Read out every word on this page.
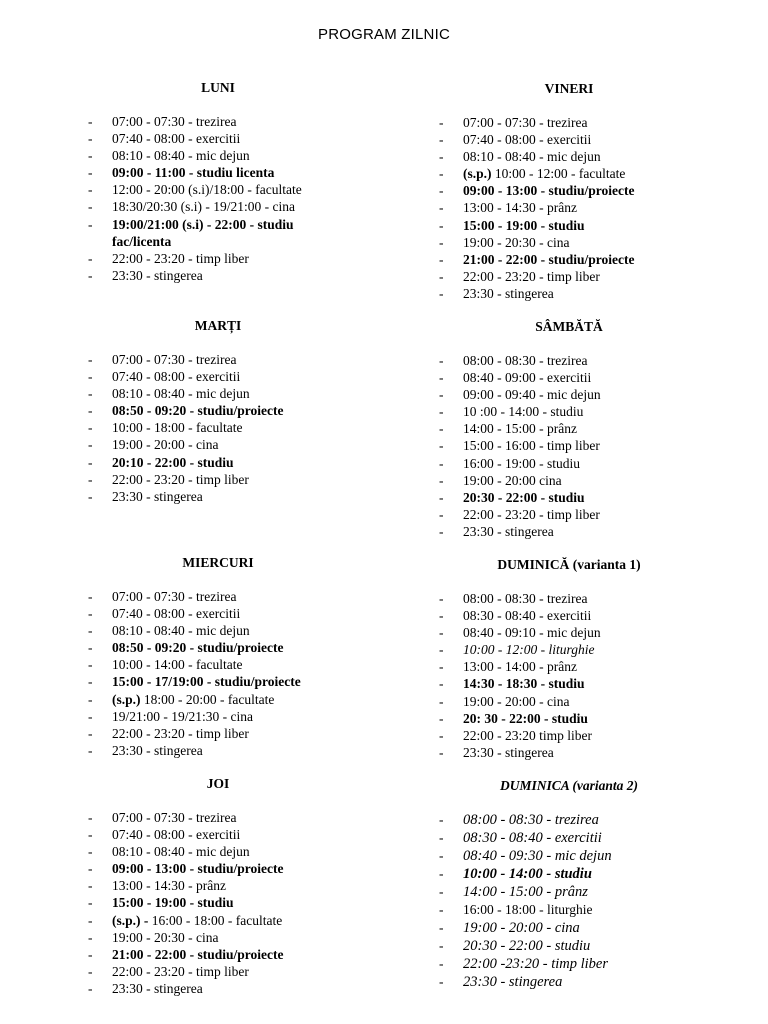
PROGRAM ZILNIC
LUNI
- 07:00 - 07:30 - trezirea
- 07:40 - 08:00 - exercitii
- 08:10 - 08:40 - mic dejun
- 09:00 - 11:00 - studiu licenta
- 12:00 - 20:00 (s.i)/18:00 - facultate
- 18:30/20:30 (s.i) - 19/21:00 - cina
- 19:00/21:00 (s.i) - 22:00 - studiu fac/licenta
- 22:00 - 23:20 - timp liber
- 23:30 - stingerea
MARȚI
- 07:00 - 07:30 - trezirea
- 07:40 - 08:00 - exercitii
- 08:10 - 08:40 - mic dejun
- 08:50 - 09:20 - studiu/proiecte
- 10:00 - 18:00 - facultate
- 19:00 - 20:00 - cina
- 20:10 - 22:00 - studiu
- 22:00 - 23:20 - timp liber
- 23:30 - stingerea
MIERCURI
- 07:00 - 07:30 - trezirea
- 07:40 - 08:00 - exercitii
- 08:10 - 08:40 - mic dejun
- 08:50 - 09:20 - studiu/proiecte
- 10:00 - 14:00 - facultate
- 15:00 - 17/19:00 - studiu/proiecte
- (s.p.) 18:00 - 20:00 - facultate
- 19/21:00 - 19/21:30 - cina
- 22:00 - 23:20 - timp liber
- 23:30 - stingerea
JOI
- 07:00 - 07:30 - trezirea
- 07:40 - 08:00 - exercitii
- 08:10 - 08:40 - mic dejun
- 09:00 - 13:00 - studiu/proiecte
- 13:00 - 14:30 - prânz
- 15:00 - 19:00 - studiu
- (s.p.) - 16:00 - 18:00 - facultate
- 19:00 - 20:30 - cina
- 21:00 - 22:00 - studiu/proiecte
- 22:00 - 23:20 - timp liber
- 23:30 - stingerea
VINERI
- 07:00 - 07:30 - trezirea
- 07:40 - 08:00 - exercitii
- 08:10 - 08:40 - mic dejun
- (s.p.) 10:00 - 12:00 - facultate
- 09:00 - 13:00 - studiu/proiecte
- 13:00 - 14:30 - prânz
- 15:00 - 19:00 - studiu
- 19:00 - 20:30 - cina
- 21:00 - 22:00 - studiu/proiecte
- 22:00 - 23:20 - timp liber
- 23:30 - stingerea
SÂMBĂTĂ
- 08:00 - 08:30 - trezirea
- 08:40 - 09:00 - exercitii
- 09:00 - 09:40 - mic dejun
- 10 :00 - 14:00 - studiu
- 14:00 - 15:00 - prânz
- 15:00 - 16:00 - timp liber
- 16:00 - 19:00 - studiu
- 19:00 - 20:00 cina
- 20:30 - 22:00 - studiu
- 22:00 - 23:20 - timp liber
- 23:30 - stingerea
DUMINICĂ (varianta 1)
- 08:00 - 08:30 - trezirea
- 08:30 - 08:40 - exercitii
- 08:40 - 09:10 - mic dejun
- 10:00 - 12:00 - liturghie
- 13:00 - 14:00 - prânz
- 14:30 - 18:30 - studiu
- 19:00 - 20:00 - cina
- 20: 30 - 22:00 - studiu
- 22:00 - 23:20 timp liber
- 23:30 - stingerea
DUMINICA (varianta 2)
- 08:00 - 08:30 - trezirea
- 08:30 - 08:40 - exercitii
- 08:40 - 09:30 - mic dejun
- 10:00 - 14:00 - studiu
- 14:00 - 15:00 - prânz
- 16:00 - 18:00 - liturghie
- 19:00 - 20:00 - cina
- 20:30 - 22:00 - studiu
- 22:00 -23:20 - timp liber
- 23:30 - stingerea
